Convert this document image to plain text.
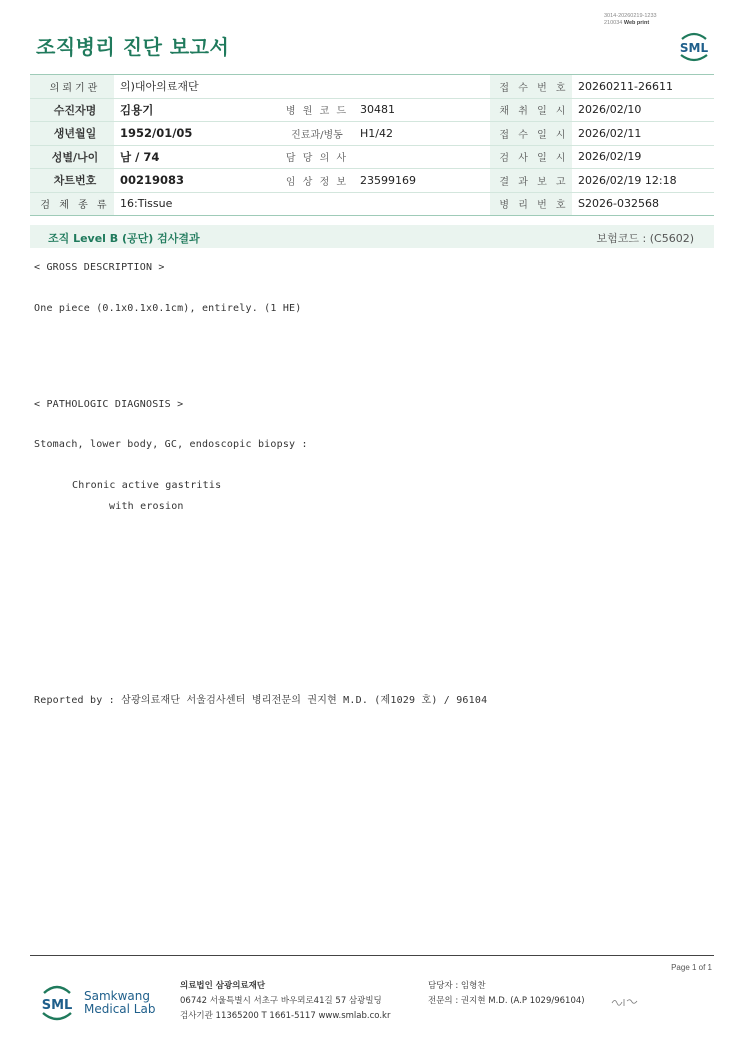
3014-20260219-1233
210034 Web print
조직병리 진단 보고서	SML
의뢰기관	의)대아의료재단			접 수 번 호	20260211-26611
수진자명	김용기	병 원 코 드	30481	채 취 일 시	2026/02/10
생년월일	1952/01/05	진료과/병동	H1/42	접 수 일 시	2026/02/11
성별/나이	남 / 74	담 당 의 사		검 사 일 시	2026/02/19
차트번호	00219083	임 상 정 보	23599169	결 과 보 고	2026/02/19 12:18
검 체 종 류	16:Tissue			병 리 번 호	S2026-032568
조직 Level B (공단) 검사결과	보험코드 : (C5602)
< GROSS DESCRIPTION >
One piece (0.1x0.1x0.1cm), entirely. (1 HE)
< PATHOLOGIC DIAGNOSIS >
Stomach, lower body, GC, endoscopic biopsy :
Chronic active gastritis
with erosion
Reported by : 삼광의료재단 서울검사센터 병리전문의 권지현 M.D. (제1029 호) / 96104
Page 1 of 1
SML
Samkwang
Medical Lab
의료법인 삼광의료재단
06742 서울특별시 서초구 바우뫼로41길 57 삼광빌딩
검사기관 11365200 T 1661-5117 www.smlab.co.kr
담당자 : 임형찬
전문의 : 권지현 M.D. (A.P 1029/96104)
